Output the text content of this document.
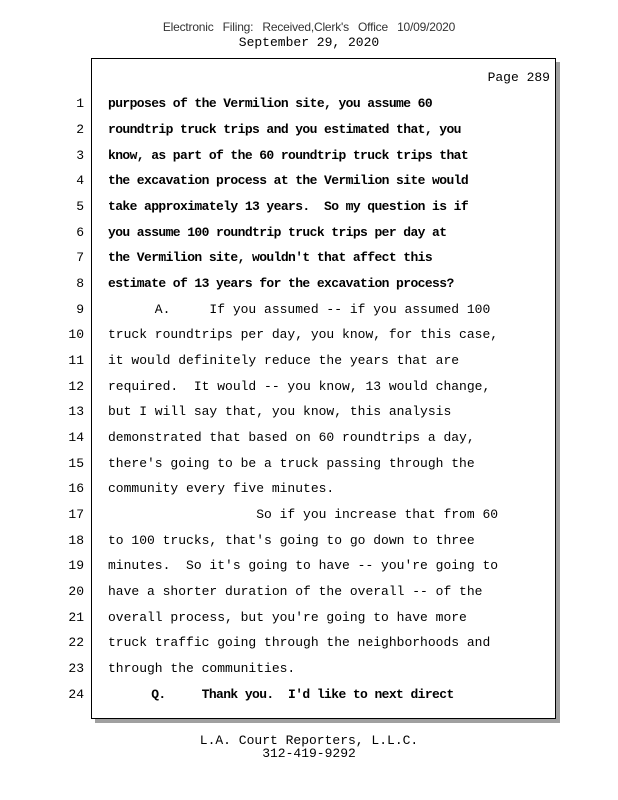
Electronic Filing: Received,Clerk's Office 10/09/2020
September 29, 2020
Page 289
1
2
3
4
5
6
7
8
9
10
11
12
13
14
15
16
17
18
19
20
21
22
23
24
purposes of the Vermilion site, you assume 60
roundtrip truck trips and you estimated that, you
know, as part of the 60 roundtrip truck trips that
the excavation process at the Vermilion site would
take approximately 13 years.  So my question is if
you assume 100 roundtrip truck trips per day at
the Vermilion site, wouldn't that affect this
estimate of 13 years for the excavation process?
A.     If you assumed -- if you assumed 100
truck roundtrips per day, you know, for this case,
it would definitely reduce the years that are
required.  It would -- you know, 13 would change,
but I will say that, you know, this analysis
demonstrated that based on 60 roundtrips a day,
there's going to be a truck passing through the
community every five minutes.
So if you increase that from 60
to 100 trucks, that's going to go down to three
minutes.  So it's going to have -- you're going to
have a shorter duration of the overall -- of the
overall process, but you're going to have more
truck traffic going through the neighborhoods and
through the communities.
Q.     Thank you.  I'd like to next direct
L.A. Court Reporters, L.L.C.
312-419-9292
